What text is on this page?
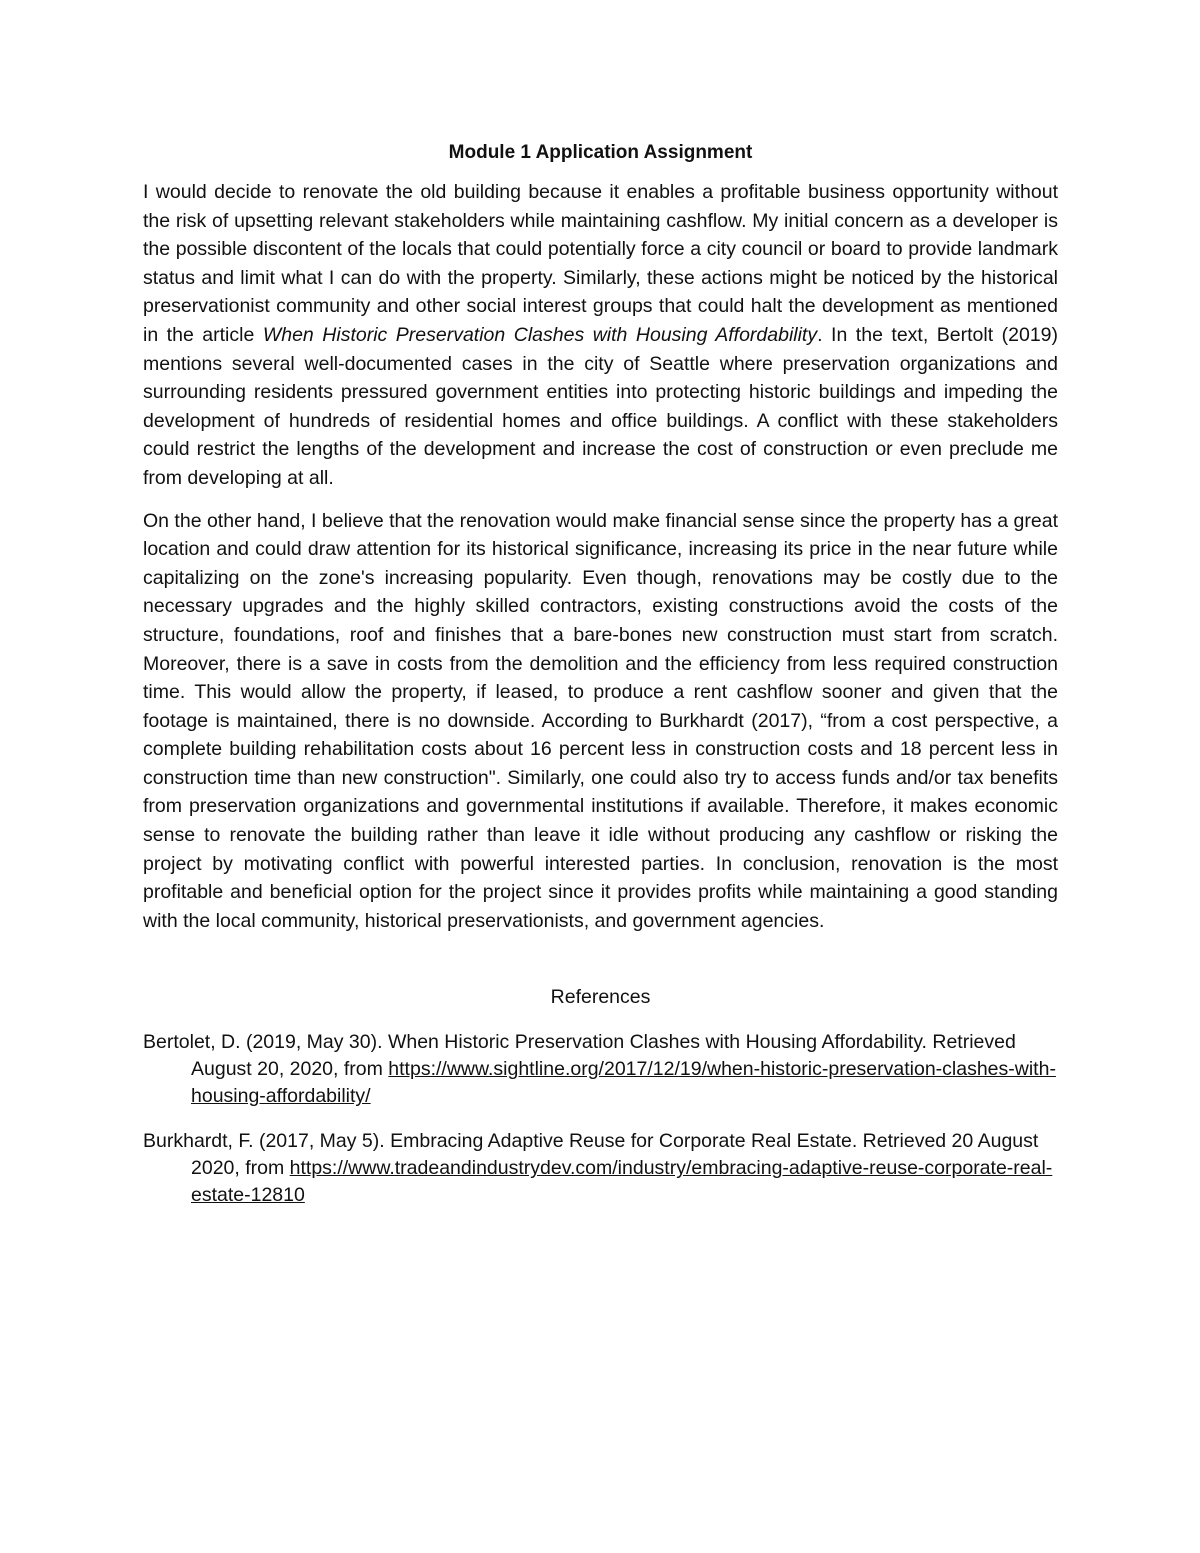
Module 1 Application Assignment

I would decide to renovate the old building because it enables a profitable business opportunity without the risk of upsetting relevant stakeholders while maintaining cashflow. My initial concern as a developer is the possible discontent of the locals that could potentially force a city council or board to provide landmark status and limit what I can do with the property. Similarly, these actions might be noticed by the historical preservationist community and other social interest groups that could halt the development as mentioned in the article When Historic Preservation Clashes with Housing Affordability. In the text, Bertolt (2019) mentions several well-documented cases in the city of Seattle where preservation organizations and surrounding residents pressured government entities into protecting historic buildings and impeding the development of hundreds of residential homes and office buildings. A conflict with these stakeholders could restrict the lengths of the development and increase the cost of construction or even preclude me from developing at all.

On the other hand, I believe that the renovation would make financial sense since the property has a great location and could draw attention for its historical significance, increasing its price in the near future while capitalizing on the zone's increasing popularity. Even though, renovations may be costly due to the necessary upgrades and the highly skilled contractors, existing constructions avoid the costs of the structure, foundations, roof and finishes that a bare-bones new construction must start from scratch. Moreover, there is a save in costs from the demolition and the efficiency from less required construction time. This would allow the property, if leased, to produce a rent cashflow sooner and given that the footage is maintained, there is no downside. According to Burkhardt (2017), “from a cost perspective, a complete building rehabilitation costs about 16 percent less in construction costs and 18 percent less in construction time than new construction". Similarly, one could also try to access funds and/or tax benefits from preservation organizations and governmental institutions if available. Therefore, it makes economic sense to renovate the building rather than leave it idle without producing any cashflow or risking the project by motivating conflict with powerful interested parties. In conclusion, renovation is the most profitable and beneficial option for the project since it provides profits while maintaining a good standing with the local community, historical preservationists, and government agencies.

References

Bertolet, D. (2019, May 30). When Historic Preservation Clashes with Housing Affordability. Retrieved August 20, 2020, from https://www.sightline.org/2017/12/19/when-historic-preservation-clashes-with-housing-affordability/

Burkhardt, F. (2017, May 5). Embracing Adaptive Reuse for Corporate Real Estate. Retrieved 20 August 2020, from https://www.tradeandindustrydev.com/industry/embracing-adaptive-reuse-corporate-real-estate-12810
